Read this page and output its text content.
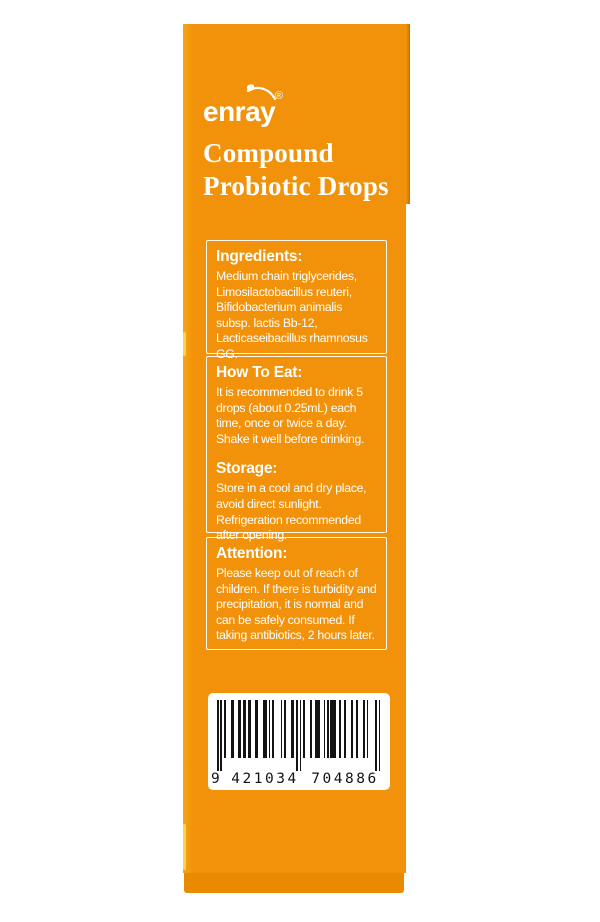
enray ®
Compound
Probiotic Drops
Ingredients:

Medium chain triglycerides, Limosilactobacillus reuteri, Bifidobacterium animalis subsp. lactis Bb-12, Lacticaseibacillus rhamnosus GG.

How To Eat:

It is recommended to drink 5 drops (about 0.25mL) each time, once or twice a day. Shake it well before drinking.

Storage:

Store in a cool and dry place, avoid direct sunlight. Refrigeration recommended after opening.

Attention:

Please keep out of reach of children. If there is turbidity and precipitation, it is normal and can be safely consumed. If taking antibiotics, 2 hours later.

9 421034 704886
